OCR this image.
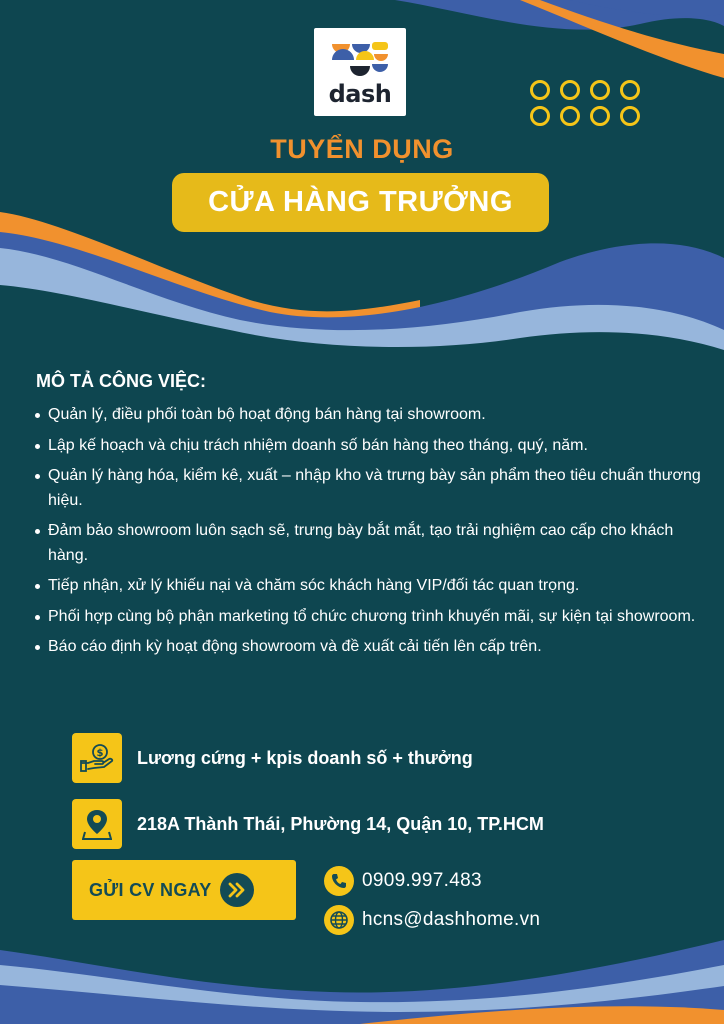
dash
TUYỂN DỤNG
CỬA HÀNG TRƯỞNG
MÔ TẢ CÔNG VIỆC:
Quản lý, điều phối toàn bộ hoạt động bán hàng tại showroom.
Lập kế hoạch và chịu trách nhiệm doanh số bán hàng theo tháng, quý, năm.
Quản lý hàng hóa, kiểm kê, xuất – nhập kho và trưng bày sản phẩm theo tiêu chuẩn thương hiệu.
Đảm bảo showroom luôn sạch sẽ, trưng bày bắt mắt, tạo trải nghiệm cao cấp cho khách hàng.
Tiếp nhận, xử lý khiếu nại và chăm sóc khách hàng VIP/đối tác quan trọng.
Phối hợp cùng bộ phận marketing tổ chức chương trình khuyến mãi, sự kiện tại showroom.
Báo cáo định kỳ hoạt động showroom và đề xuất cải tiến lên cấp trên.
$ Lương cứng + kpis doanh số + thưởng
218A Thành Thái, Phường 14, Quận 10, TP.HCM
GỬI CV NGAY	0909.997.483
hcns@dashhome.vn
